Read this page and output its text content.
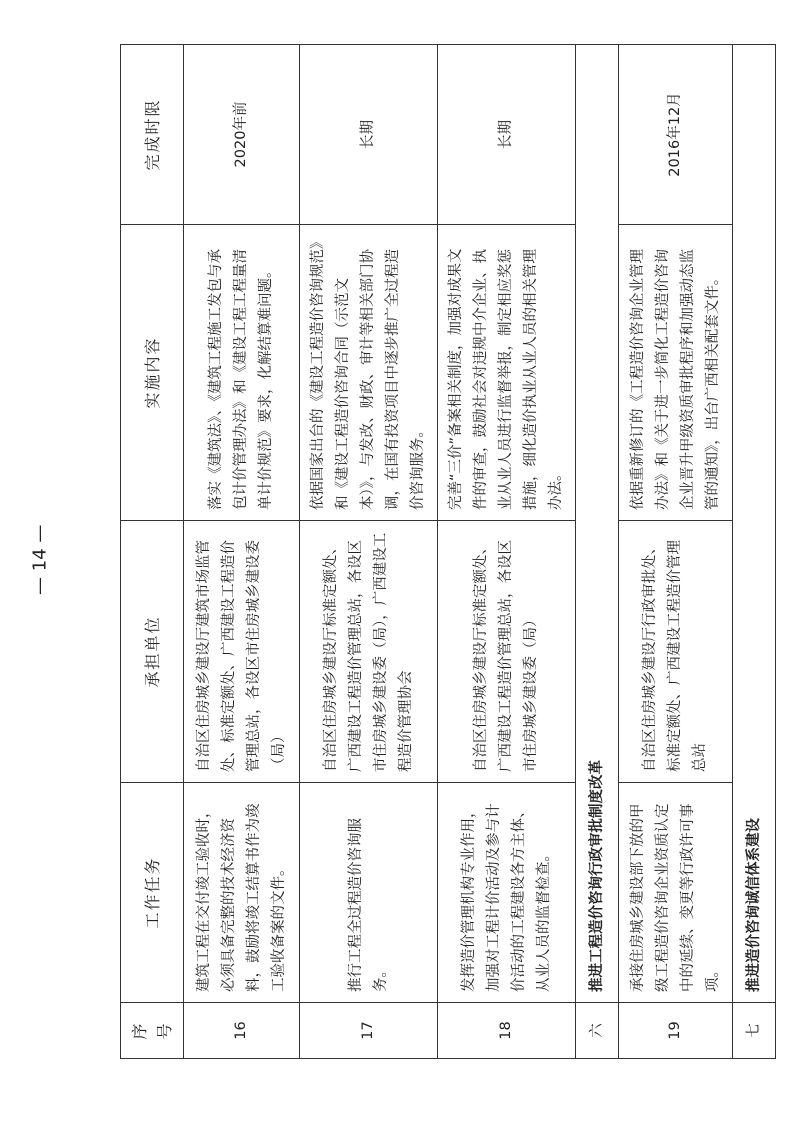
序号	工作任务	承担单位	实施内容	完成时限
16	建筑工程在交付竣工验收时，必须具备完整的技术经济资料，鼓励将竣工结算书作为竣工验收备案的文件。	自治区住房城乡建设厅建筑市场监管处、标准定额处、广西建设工程造价管理总站，各设区市住房城乡建设委（局）	落实《建筑法》、《建筑工程施工发包与承包计价管理办法》和《建设工程工程量清单计价规范》要求，化解结算难问题。	2020年前
17	推行工程全过程造价咨询服务。	自治区住房城乡建设厅标准定额处、广西建设工程造价管理总站，各设区市住房城乡建设委（局），广西建设工程造价管理协会	依据国家出台的《建设工程造价咨询规范》和《建设工程造价咨询合同（示范文本）》，与发改、财政、审计等相关部门协调，在国有投资项目中逐步推广全过程造价咨询服务。	长期
18	发挥造价管理机构专业作用，加强对工程计价活动及参与计价活动的工程建设各方主体、从业人员的监督检查。	自治区住房城乡建设厅标准定额处、广西建设工程造价管理总站，各设区市住房城乡建设委（局）	完善“三价”备案相关制度，加强对成果文件的审查，鼓励社会对违规中介企业、执业从业人员进行监督举报，制定相应奖惩措施，细化造价执业从业人员的相关管理办法。	长期
六	推进工程造价咨询行政审批制度改革			
19	承接住房城乡建设部下放的甲级工程造价咨询企业资质认定中的延续、变更等行政许可事项。	自治区住房城乡建设厅行政审批处、标准定额处、广西建设工程造价管理总站	依据重新修订的《工程造价咨询企业管理办法》和《关于进一步简化工程造价咨询企业晋升甲级资质审批程序和加强动态监管的通知》，出台广西相关配套文件。	2016年12月
七	推进造价咨询诚信体系建设			
— 14 —
